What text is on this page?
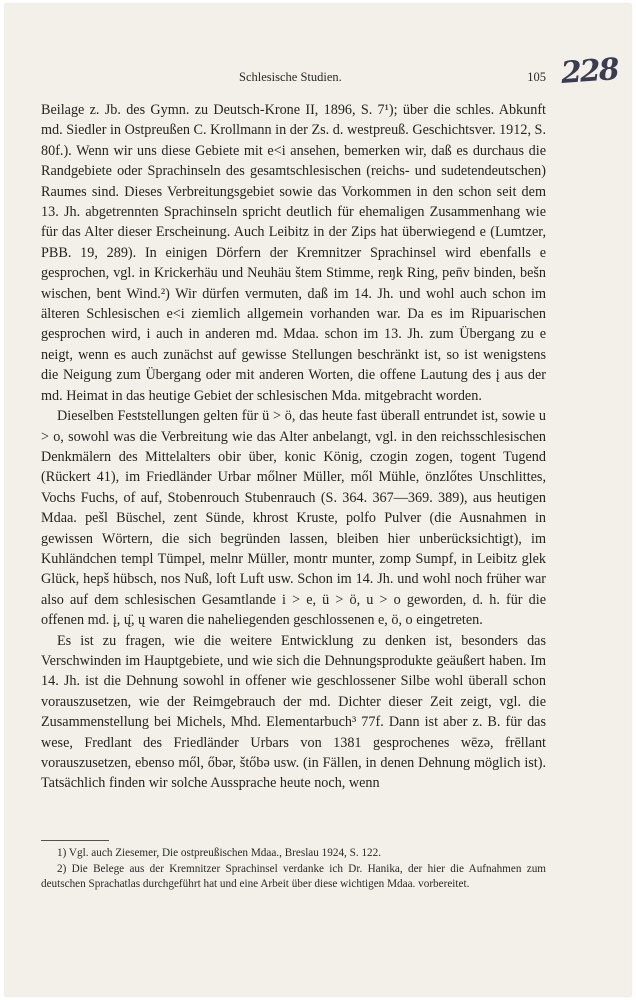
Schlesische Studien.	105 228

Beilage z. Jb. des Gymn. zu Deutsch-Krone II, 1896, S. 7¹); über die schles. Abkunft md. Siedler in Ostpreußen C. Krollmann in der Zs. d. westpreuß. Geschichtsver. 1912, S. 80f.). Wenn wir uns diese Gebiete mit e<i ansehen, bemerken wir, daß es durchaus die Randgebiete oder Sprachinseln des gesamtschlesischen (reichs- und sudetendeutschen) Raumes sind. Dieses Verbreitungsgebiet sowie das Vorkommen in den schon seit dem 13. Jh. abgetrennten Sprachinseln spricht deutlich für ehemaligen Zusammenhang wie für das Alter dieser Erscheinung. Auch Leibitz in der Zips hat überwiegend e (Lumtzer, PBB. 19, 289). In einigen Dörfern der Kremnitzer Sprachinsel wird ebenfalls e gesprochen, vgl. in Krickerhäu und Neuhäu štem Stimme, reŋk Ring, pen̄v binden, bešn wischen, bent Wind.²) Wir dürfen vermuten, daß im 14. Jh. und wohl auch schon im älteren Schlesischen e<i ziemlich allgemein vorhanden war. Da es im Ripuarischen gesprochen wird, i auch in anderen md. Mdaa. schon im 13. Jh. zum Übergang zu e neigt, wenn es auch zunächst auf gewisse Stellungen beschränkt ist, so ist wenigstens die Neigung zum Übergang oder mit anderen Worten, die offene Lautung des į aus der md. Heimat in das heutige Gebiet der schlesischen Mda. mitgebracht worden.

Dieselben Feststellungen gelten für ü > ö, das heute fast überall entrundet ist, sowie u > o, sowohl was die Verbreitung wie das Alter anbelangt, vgl. in den reichsschlesischen Denkmälern des Mittelalters obir über, konic König, czogin zogen, togent Tugend (Rückert 41), im Friedländer Urbar mőlner Müller, mől Mühle, önzlőtes Unschlittes, Vochs Fuchs, of auf, Stobenrouch Stubenrauch (S. 364. 367—369. 389), aus heutigen Mdaa. pešl Büschel, zent Sünde, khrost Kruste, polfo Pulver (die Ausnahmen in gewissen Wörtern, die sich begründen lassen, bleiben hier unberücksichtigt), im Kuhländchen templ Tümpel, melnr Müller, montr munter, zomp Sumpf, in Leibitz glek Glück, hepš hübsch, nos Nuß, loft Luft usw. Schon im 14. Jh. und wohl noch früher war also auf dem schlesischen Gesamtlande i > e, ü > ö, u > o geworden, d. h. für die offenen md. į, ų̈, ų waren die naheliegenden geschlossenen e, ö, o eingetreten.

Es ist zu fragen, wie die weitere Entwicklung zu denken ist, besonders das Verschwinden im Hauptgebiete, und wie sich die Dehnungsprodukte geäußert haben. Im 14. Jh. ist die Dehnung sowohl in offener wie geschlossener Silbe wohl überall schon vorauszusetzen, wie der Reimgebrauch der md. Dichter dieser Zeit zeigt, vgl. die Zusammenstellung bei Michels, Mhd. Elementarbuch³ 77f. Dann ist aber z. B. für das wese, Fredlant des Friedländer Urbars von 1381 gesprochenes wēzə, frēllant vorauszusetzen, ebenso mől, őbər, štőbə usw. (in Fällen, in denen Dehnung möglich ist). Tatsächlich finden wir solche Aussprache heute noch, wenn

1) Vgl. auch Ziesemer, Die ostpreußischen Mdaa., Breslau 1924, S. 122.

2) Die Belege aus der Kremnitzer Sprachinsel verdanke ich Dr. Hanika, der hier die Aufnahmen zum deutschen Sprachatlas durchgeführt hat und eine Arbeit über diese wichtigen Mdaa. vorbereitet.
